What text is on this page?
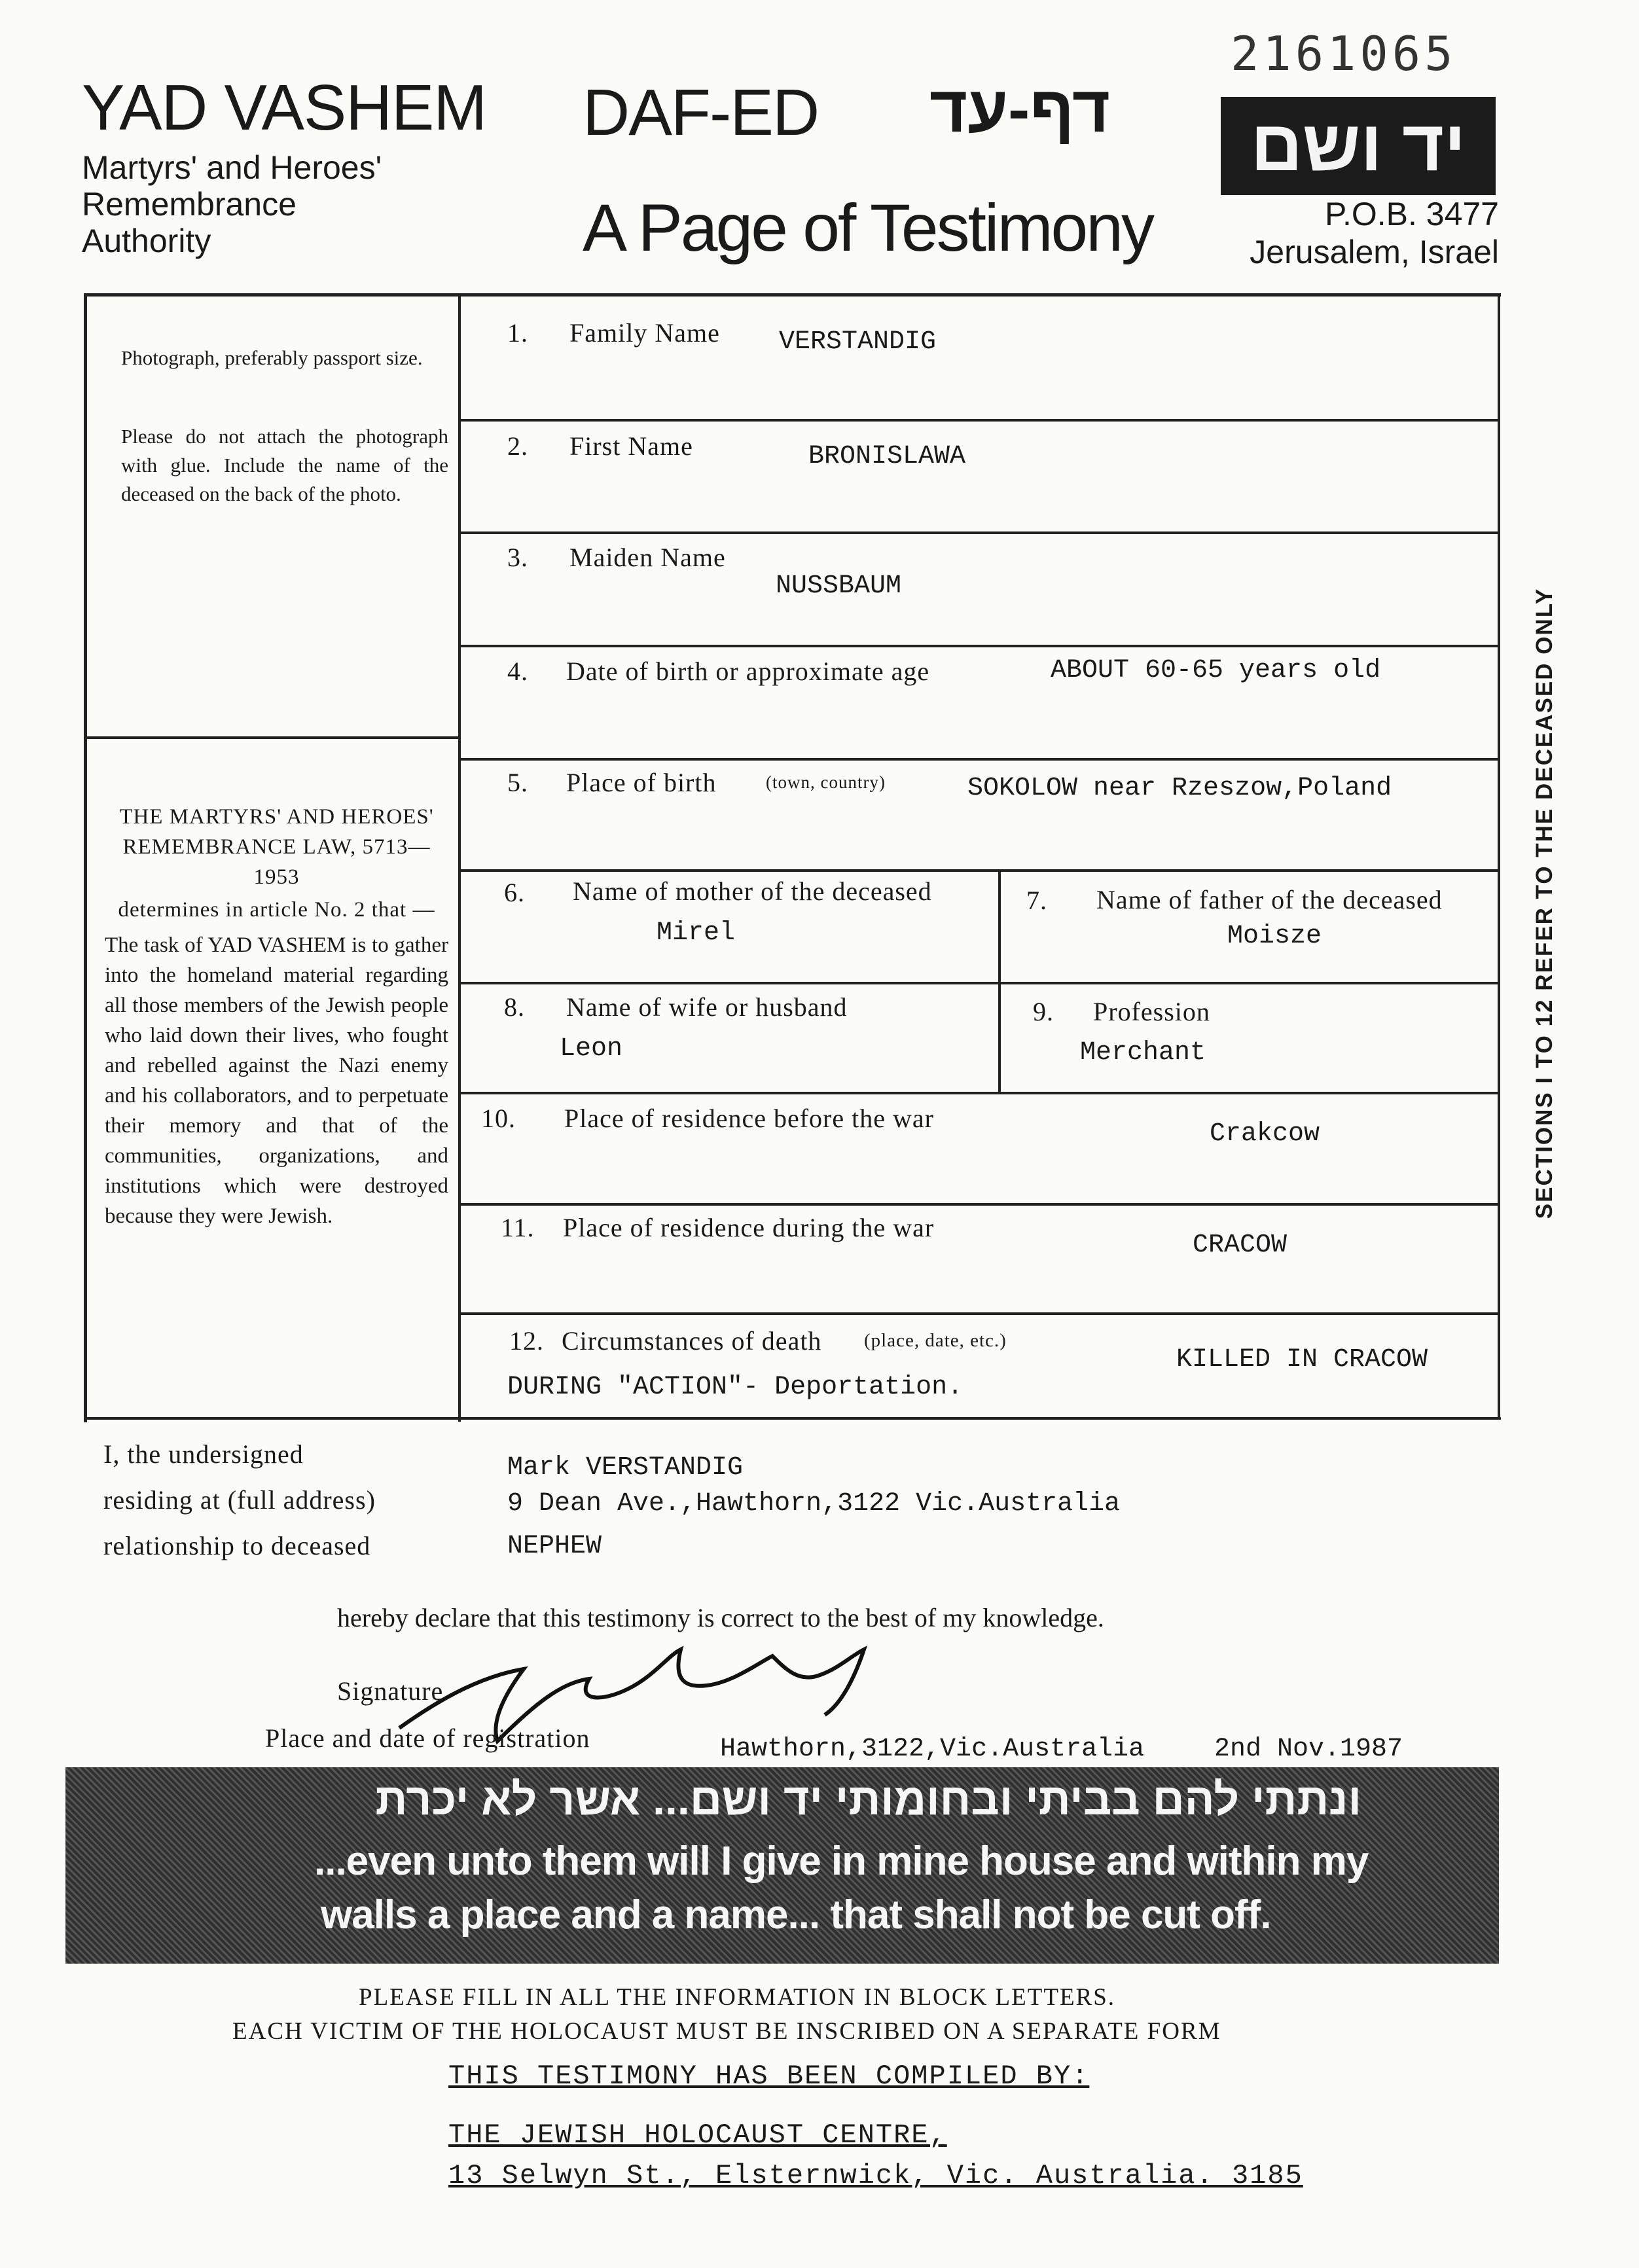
2161065
YAD VASHEM
Martyrs' and Heroes'
Remembrance
Authority
DAF-ED דף-עד
A Page of Testimony
יד ושם
P.O.B. 3477
Jerusalem, Israel
Photograph, preferably passport size.
Please do not attach the photograph with glue. Include the name of the deceased on the back of the photo.
THE MARTYRS' AND HEROES' REMEMBRANCE LAW, 5713—1953
determines in article No. 2 that —

The task of YAD VASHEM is to gather into the homeland material regarding all those members of the Jewish people who laid down their lives, who fought and rebelled against the Nazi enemy and his collaborators, and to perpetuate their memory and that of the communities, organizations, and institutions which were destroyed because they were Jewish.

1. Family Name VERSTANDIG
2. First Name	BRONISLAWA
3. Maiden Name
NUSSBAUM
4. Date of birth or approximate age	ABOUT 60-65 years old
5. Place of birth	(town, country)	SOKOLOW near Rzeszow,Poland
6. Name of mother of the deceased
Mirel
7. Name of father of the deceased
Moisze
8. Name of wife or husband
Leon
9. Profession
Merchant
10. Place of residence before the war
Crakcow
11. Place of residence during the war
CRACOW
12. Circumstances of death (place, date, etc.)
KILLED IN CRACOW
DURING "ACTION"- Deportation.
SECTIONS I TO 12 REFER TO THE DECEASED ONLY
I, the undersigned	Mark VERSTANDIG
residing at (full address)	9 Dean Ave.,Hawthorn,3122 Vic.Australia
relationship to deceased	NEPHEW
hereby declare that this testimony is correct to the best of my knowledge.
Signature
Place and date of registration	Hawthorn,3122,Vic.Australia	2nd Nov.1987
ונתתי להם בביתי ובחומותי יד ושם... אשר לא יכרת
...even unto them will I give in mine house and within my
walls a place and a name... that shall not be cut off.
PLEASE FILL IN ALL THE INFORMATION IN BLOCK LETTERS.
EACH VICTIM OF THE HOLOCAUST MUST BE INSCRIBED ON A SEPARATE FORM
THIS TESTIMONY HAS BEEN COMPILED BY:
THE JEWISH HOLOCAUST CENTRE,
13 Selwyn St., Elsternwick, Vic. Australia. 3185
